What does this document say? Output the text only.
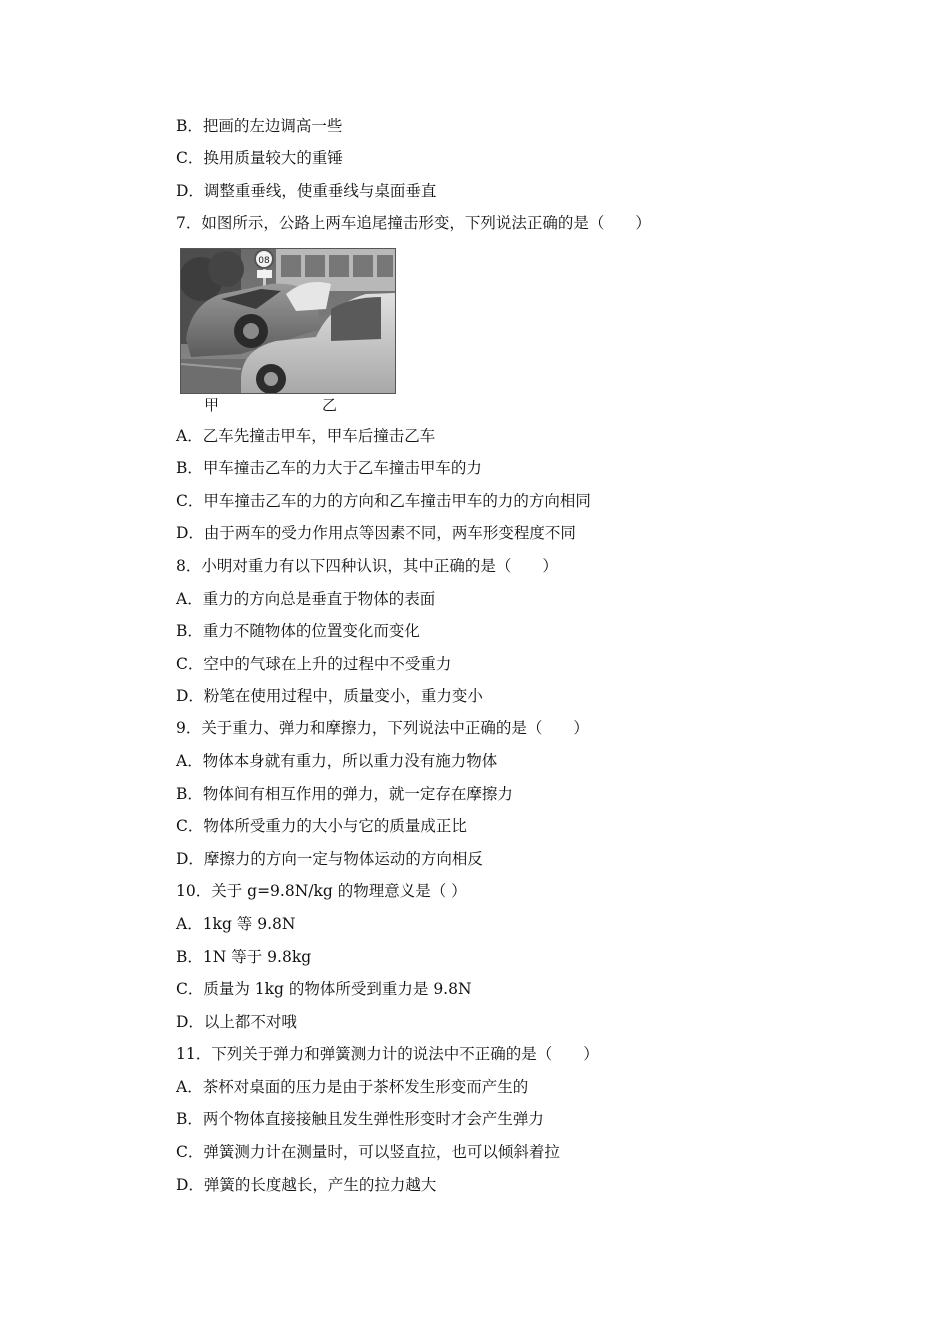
B．把画的左边调高一些
C．换用质量较大的重锤
D．调整重垂线，使重垂线与桌面垂直
7．如图所示，公路上两车追尾撞击形变，下列说法正确的是（　　）
08
甲	乙
A．乙车先撞击甲车，甲车后撞击乙车
B．甲车撞击乙车的力大于乙车撞击甲车的力
C．甲车撞击乙车的力的方向和乙车撞击甲车的力的方向相同
D．由于两车的受力作用点等因素不同，两车形变程度不同
8．小明对重力有以下四种认识，其中正确的是（　　）
A．重力的方向总是垂直于物体的表面
B．重力不随物体的位置变化而变化
C．空中的气球在上升的过程中不受重力
D．粉笔在使用过程中，质量变小，重力变小
9．关于重力、弹力和摩擦力，下列说法中正确的是（　　）
A．物体本身就有重力，所以重力没有施力物体
B．物体间有相互作用的弹力，就一定存在摩擦力
C．物体所受重力的大小与它的质量成正比
D．摩擦力的方向一定与物体运动的方向相反
10．关于 g=9.8N/kg 的物理意义是（ ）
A．1kg 等 9.8N
B．1N 等于 9.8kg
C．质量为 1kg 的物体所受到重力是 9.8N
D．以上都不对哦
11．下列关于弹力和弹簧测力计的说法中不正确的是（　　）
A．茶杯对桌面的压力是由于茶杯发生形变而产生的
B．两个物体直接接触且发生弹性形变时才会产生弹力
C．弹簧测力计在测量时，可以竖直拉，也可以倾斜着拉
D．弹簧的长度越长，产生的拉力越大
